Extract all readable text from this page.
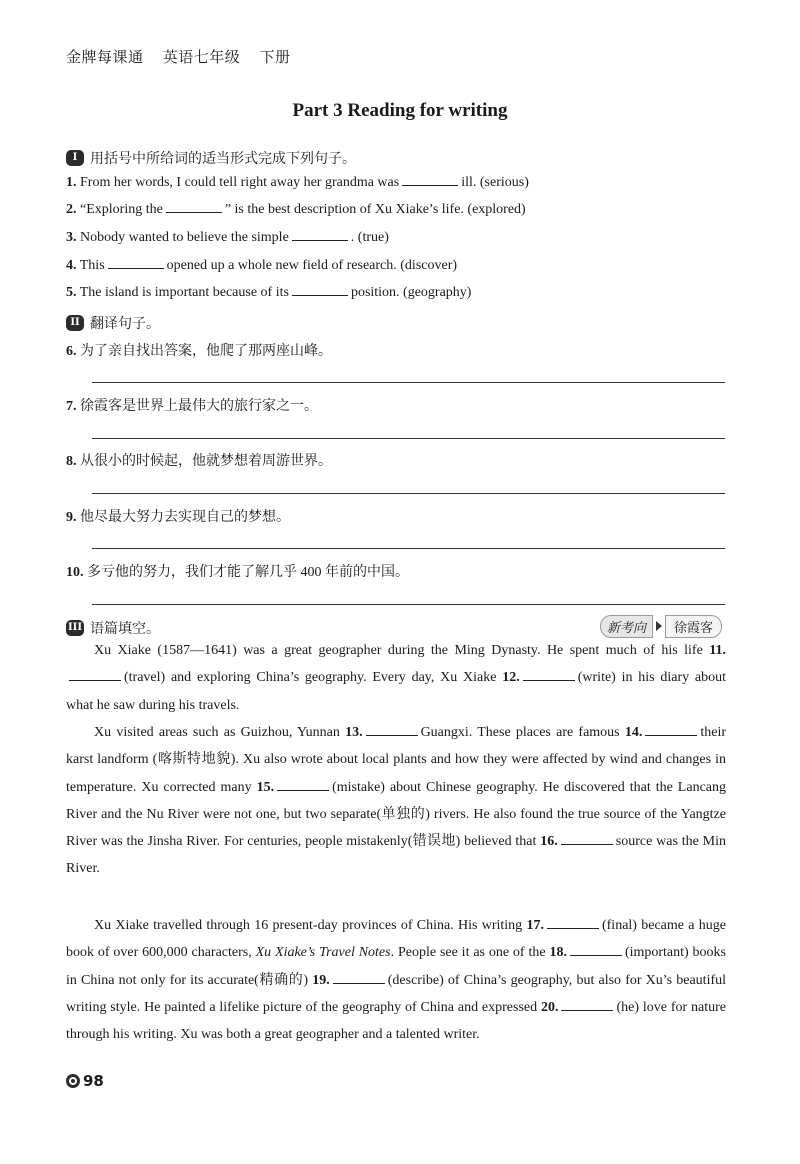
金牌每课通 英语七年级 下册
Part 3 Reading for writing
I 用括号中所给词的适当形式完成下列句子。
1. From her words, I could tell right away her grandma was	ill. (serious)
2. “Exploring the	” is the best description of Xu Xiake’s life. (explored)
3. Nobody wanted to believe the simple	. (true)
4. This	opened up a whole new field of research. (discover)
5. The island is important because of its	position. (geography)
II 翻译句子。
6. 为了亲自找出答案，他爬了那两座山峰。
7. 徐霞客是世界上最伟大的旅行家之一。
8. 从很小的时候起，他就梦想着周游世界。
9. 他尽最大努力去实现自己的梦想。
10. 多亏他的努力，我们才能了解几乎 400 年前的中国。
III 语篇填空。	新考向	徐霞客
Xu Xiake (1587—1641) was a great geographer during the Ming Dynasty. He spent much of his life 11.(travel) and exploring China’s geography. Every day, Xu Xiake 12.	(write) in his diary about what he saw during his travels.
Xu visited areas such as Guizhou, Yunnan 13.	Guangxi. These places are famous 14.	their karst landform (喀斯特地貌). Xu also wrote about local plants and how they were affected by wind and changes in temperature. Xu corrected many 15.	(mistake) about Chinese geography. He discovered that the Lancang River and the Nu River were not one, but two separate(单独的) rivers. He also found the true source of the Yangtze River was the Jinsha River. For centuries, people mistakenly(错误地) believed that 16.	source was the Min River.
Xu Xiake travelled through 16 present-day provinces of China. His writing 17.	(final) became a huge book of over 600,000 characters, Xu Xiake’s Travel Notes. People see it as one of the 18.	(important) books in China not only for its accurate(精确的) 19.	(describe) of China’s geography, but also for Xu’s beautiful writing style. He painted a lifelike picture of the geography of China and expressed 20.	(he) love for nature through his writing. Xu was both a great geographer and a talented writer.
98
